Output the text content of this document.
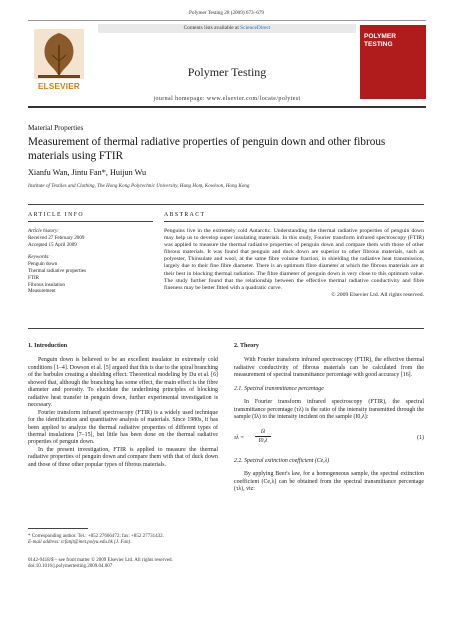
Polymer Testing 28 (2009) 673–679
ELSEVIER
Contents lists available at ScienceDirect
Polymer Testing
journal homepage: www.elsevier.com/locate/polytest
POLYMER TESTING
Material Properties
Measurement of thermal radiative properties of penguin down and other fibrous materials using FTIR
Xianfu Wan, Jintu Fan*, Huijun Wu
Institute of Textiles and Clothing, The Hong Kong Polytechnic University, Hung Hom, Kowloon, Hong Kong
ARTICLE INFO	ABSTRACT
Article history:
Received 27 February 2009
Accepted 15 April 2009
Keywords:
Penguin down
Thermal radiative properties
FTIR
Fibrous insulation
Measurement
Penguins live in the extremely cold Antarctic. Understanding the thermal radiative properties of penguin down may help us to develop super insulating materials. In this study, Fourier transform infrared spectroscopy (FTIR) was applied to measure the thermal radiative properties of penguin down and compare them with those of other fibrous materials. It was found that penguin and duck down are superior to other fibrous materials, such as polyester, Thinsulate and wool, at the same fibre volume fraction, in shielding the radiative heat transmission, largely due to their fine fibre diameter. There is an optimum fibre diameter at which the fibrous materials are at their best in blocking thermal radiation. The fibre diameter of penguin down is very close to this optimum value. The study further found that the relationship between the effective thermal radiative conductivity and fibre fineness may be better fitted with a quadratic curve.
© 2009 Elsevier Ltd. All rights reserved.
1. Introduction

Penguin down is believed to be an excellent insulator in extremely cold conditions [1–4]. Dowson et al. [5] argued that this is due to the spiral branching of the barbules creating a shielding effect. Theoretical modeling by Du et al. [6] showed that, although the branching has some effect, the main effect is the fibre diameter and porosity. To elucidate the underlining principles of blocking radiative heat transfer in penguin down, further experimental investigation is necessary.

Fourier transform infrared spectroscopy (FTIR) is a widely used technique for the identification and quantitative analysis of materials. Since 1980s, it has been applied to analyze the thermal radiative properties of different types of thermal insulations [7–15], but little has been done on the thermal radiative properties of penguin down.

In the present investigation, FTIR is applied to measure the thermal radiative properties of penguin down and compare them with that of duck down and those of three other popular types of fibrous materials.

2. Theory

With Fourier transform infrared spectroscopy (FTIR), the effective thermal radiative conductivity of fibrous materials can be calculated from the measurement of spectral transmittance percentage with good accuracy [16].

2.1. Spectral transmittance percentage

In Fourier transform infrared spectroscopy (FTIR), the spectral transmittance percentage (τλ) is the ratio of the intensity transmitted through the sample (Iλ) to the intensity incident on the sample (I0,λ):

$\tau\lambda = \frac{I\lambda}{I0,\lambda}$	(1)
2.2. Spectral extinction coefficient (Ce,λ)

By applying Beer's law, for a homogeneous sample, the spectral extinction coefficient (Ce,λ) can be obtained from the spectral transmittance percentage (τλ), viz:

* Corresponding author. Tel.: +852 27666472; fax: +852 27731432.
E-mail address: tcfanjt@inet.polyu.edu.hk (J. Fan).
0142-9418/$ – see front matter © 2009 Elsevier Ltd. All rights reserved.
doi:10.1016/j.polymertesting.2009.04.007
